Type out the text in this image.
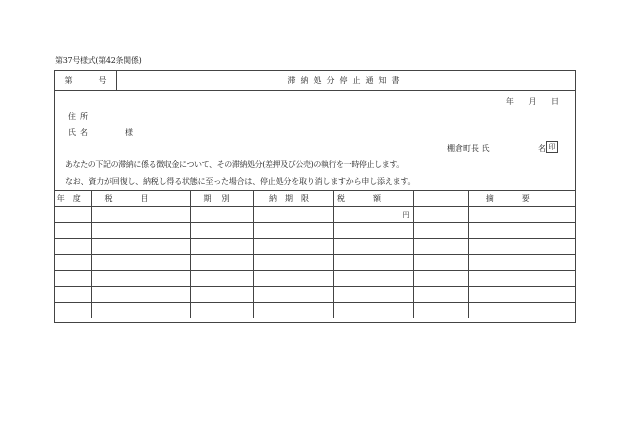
第37号様式(第42条関係)
第	号	滞納処分停止通知書
年 月 日
住所
氏名	様
棚倉町長 氏	名 印
あなたの下記の滞納に係る徴収金について、その滞納処分(差押及び公売)の執行を一時停止します。
なお、資力が回復し、納税し得る状態に至った場合は、停止処分を取り消しますから申し添えます。
年度	税目	期別	納期限	税額		摘要
				円		
